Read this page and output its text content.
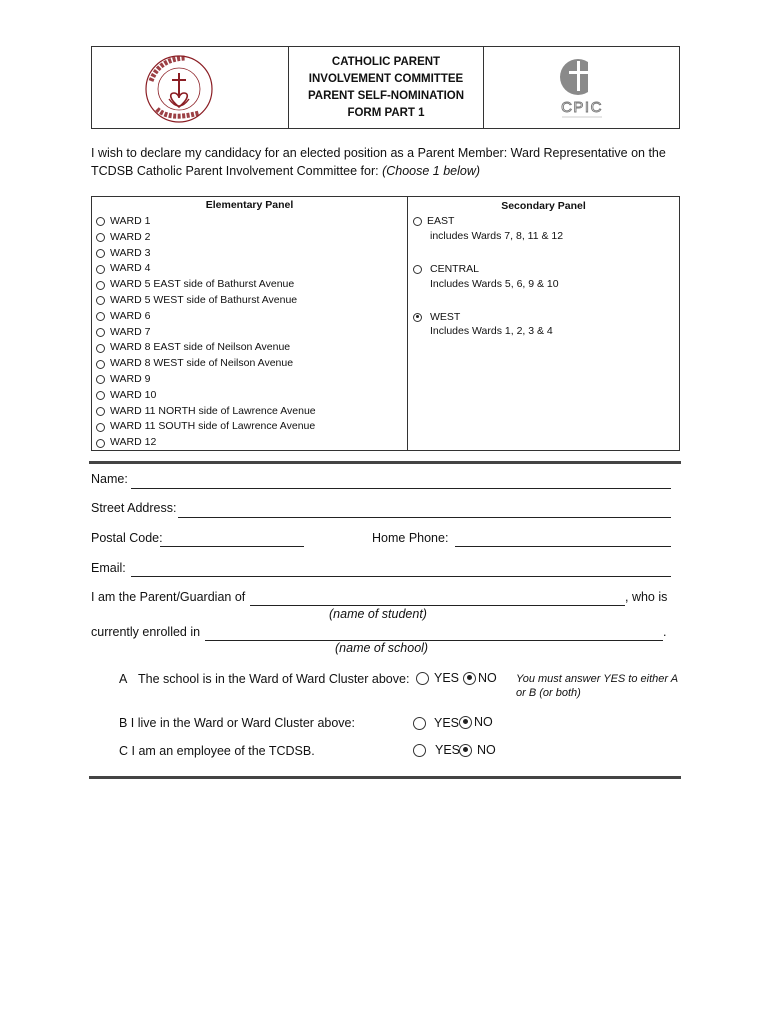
CATHOLIC PARENT
INVOLVEMENT COMMITTEE
PARENT SELF-NOMINATION
FORM PART 1	CPIC
I wish to declare my candidacy for an elected position as a Parent Member: Ward Representative on the
TCDSB Catholic Parent Involvement Committee for: (Choose 1 below)
Elementary Panel
WARD 1
WARD 2
WARD 3
WARD 4
WARD 5 EAST side of Bathurst Avenue
WARD 5 WEST side of Bathurst Avenue
WARD 6
WARD 7
WARD 8 EAST side of Neilson Avenue
WARD 8 WEST side of Neilson Avenue
WARD 9
WARD 10
WARD 11 NORTH side of Lawrence Avenue
WARD 11 SOUTH side of Lawrence Avenue
WARD 12
Secondary Panel
EAST
includes Wards 7, 8, 11 & 12
CENTRAL
Includes Wards 5, 6, 9 & 10
WEST
Includes Wards 1, 2, 3 & 4
Name:
Street Address:
Postal Code:	Home Phone:
Email:
I am the Parent/Guardian of	, who is
(name of student)
currently enrolled in	.
(name of school)
A The school is in the Ward of Ward Cluster above: YES NO You must answer YES to either A or B (or both)
B I live in the Ward or Ward Cluster above:	YES NO
C I am an employee of the TCDSB.	YES NO
